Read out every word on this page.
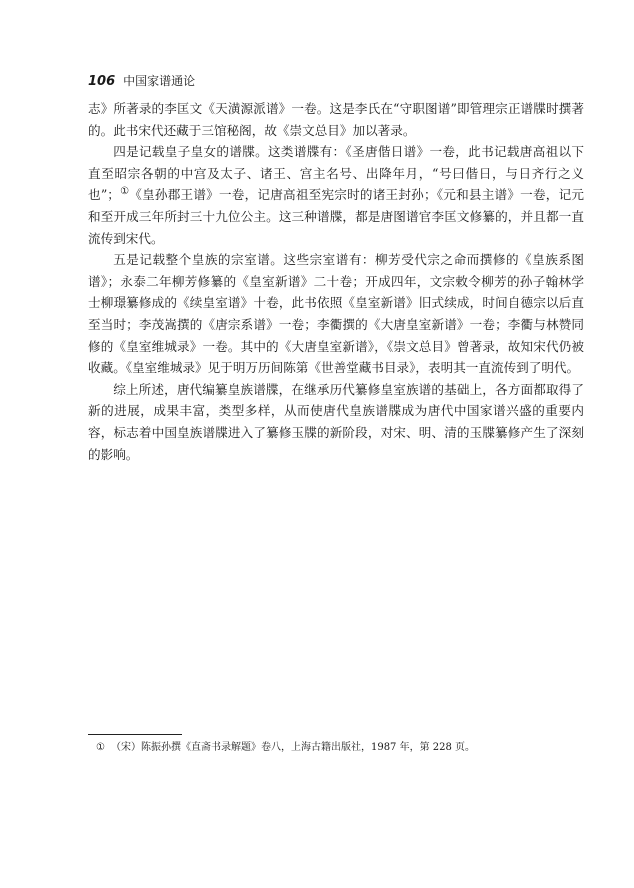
106 中国家谱通论

志》所著录的李匡文《天潢源派谱》一卷。这是李氏在“守职图谱”即管理宗正谱牒时撰著的。此书宋代还藏于三馆秘阁，故《崇文总目》加以著录。

四是记载皇子皇女的谱牒。这类谱牒有：《圣唐偕日谱》一卷，此书记载唐高祖以下直至昭宗各朝的中宫及太子、诸王、宫主名号、出降年月，“号曰偕日，与日齐行之义也”；①《皇孙郡王谱》一卷，记唐高祖至宪宗时的诸王封孙；《元和县主谱》一卷，记元和至开成三年所封三十九位公主。这三种谱牒，都是唐图谱官李匡文修纂的，并且都一直流传到宋代。

五是记载整个皇族的宗室谱。这些宗室谱有：柳芳受代宗之命而撰修的《皇族系图谱》；永泰二年柳芳修纂的《皇室新谱》二十卷；开成四年，文宗敕令柳芳的孙子翰林学士柳璟纂修成的《续皇室谱》十卷，此书依照《皇室新谱》旧式续成，时间自德宗以后直至当时；李茂嵩撰的《唐宗系谱》一卷；李衢撰的《大唐皇室新谱》一卷；李衢与林赞同修的《皇室维城录》一卷。其中的《大唐皇室新谱》，《崇文总目》曾著录，故知宋代仍被收藏。《皇室维城录》见于明万历间陈第《世善堂藏书目录》，表明其一直流传到了明代。

综上所述，唐代编纂皇族谱牒，在继承历代纂修皇室族谱的基础上，各方面都取得了新的进展，成果丰富，类型多样，从而使唐代皇族谱牒成为唐代中国家谱兴盛的重要内容，标志着中国皇族谱牒进入了纂修玉牒的新阶段，对宋、明、清的玉牒纂修产生了深刻的影响。

① （宋）陈振孙撰《直斋书录解题》卷八，上海古籍出版社，1987 年，第 228 页。
